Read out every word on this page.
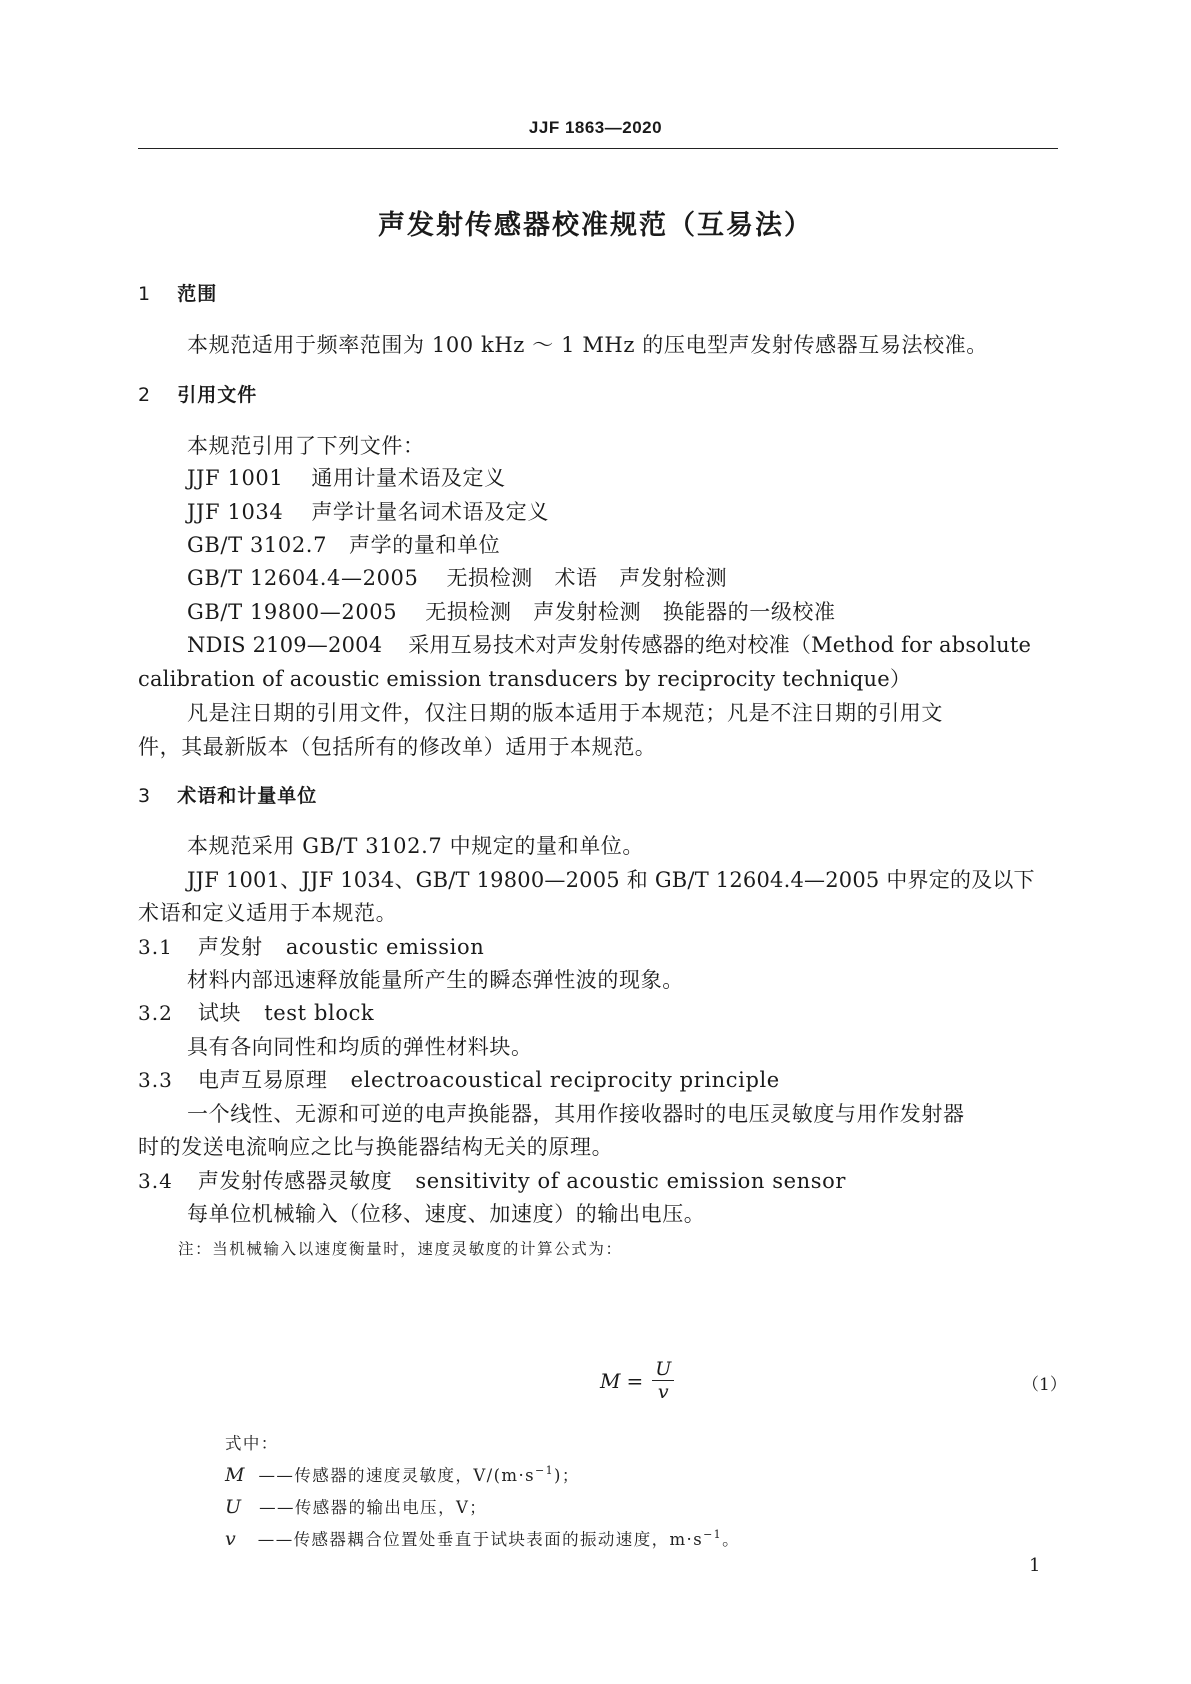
JJF 1863—2020
声发射传感器校准规范（互易法）
1 范围
本规范适用于频率范围为 100 kHz ～ 1 MHz 的压电型声发射传感器互易法校准。
2 引用文件
本规范引用了下列文件：
JJF 1001 通用计量术语及定义
JJF 1034 声学计量名词术语及定义
GB/T 3102.7 声学的量和单位
GB/T 12604.4—2005 无损检测　术语　声发射检测
GB/T 19800—2005 无损检测　声发射检测　换能器的一级校准
NDIS 2109—2004 采用互易技术对声发射传感器的绝对校准（Method for absolute
calibration of acoustic emission transducers by reciprocity technique）
凡是注日期的引用文件，仅注日期的版本适用于本规范；凡是不注日期的引用文
件，其最新版本（包括所有的修改单）适用于本规范。
3 术语和计量单位
本规范采用 GB/T 3102.7 中规定的量和单位。
JJF 1001、JJF 1034、GB/T 19800—2005 和 GB/T 12604.4—2005 中界定的及以下
术语和定义适用于本规范。
3.1 声发射 acoustic emission
材料内部迅速释放能量所产生的瞬态弹性波的现象。
3.2 试块 test block
具有各向同性和均质的弹性材料块。
3.3 电声互易原理 electroacoustical reciprocity principle
一个线性、无源和可逆的电声换能器，其用作接收器时的电压灵敏度与用作发射器
时的发送电流响应之比与换能器结构无关的原理。
3.4 声发射传感器灵敏度 sensitivity of acoustic emission sensor
每单位机械输入（位移、速度、加速度）的输出电压。
注：当机械输入以速度衡量时，速度灵敏度的计算公式为：
$M = \frac{U}{v}$	（1）
式中：
M ——传感器的速度灵敏度，$V/(m\cdot s^{-1})$；
U ——传感器的输出电压，V；
v ——传感器耦合位置处垂直于试块表面的振动速度，$m\cdot s^{-1}$。
1
